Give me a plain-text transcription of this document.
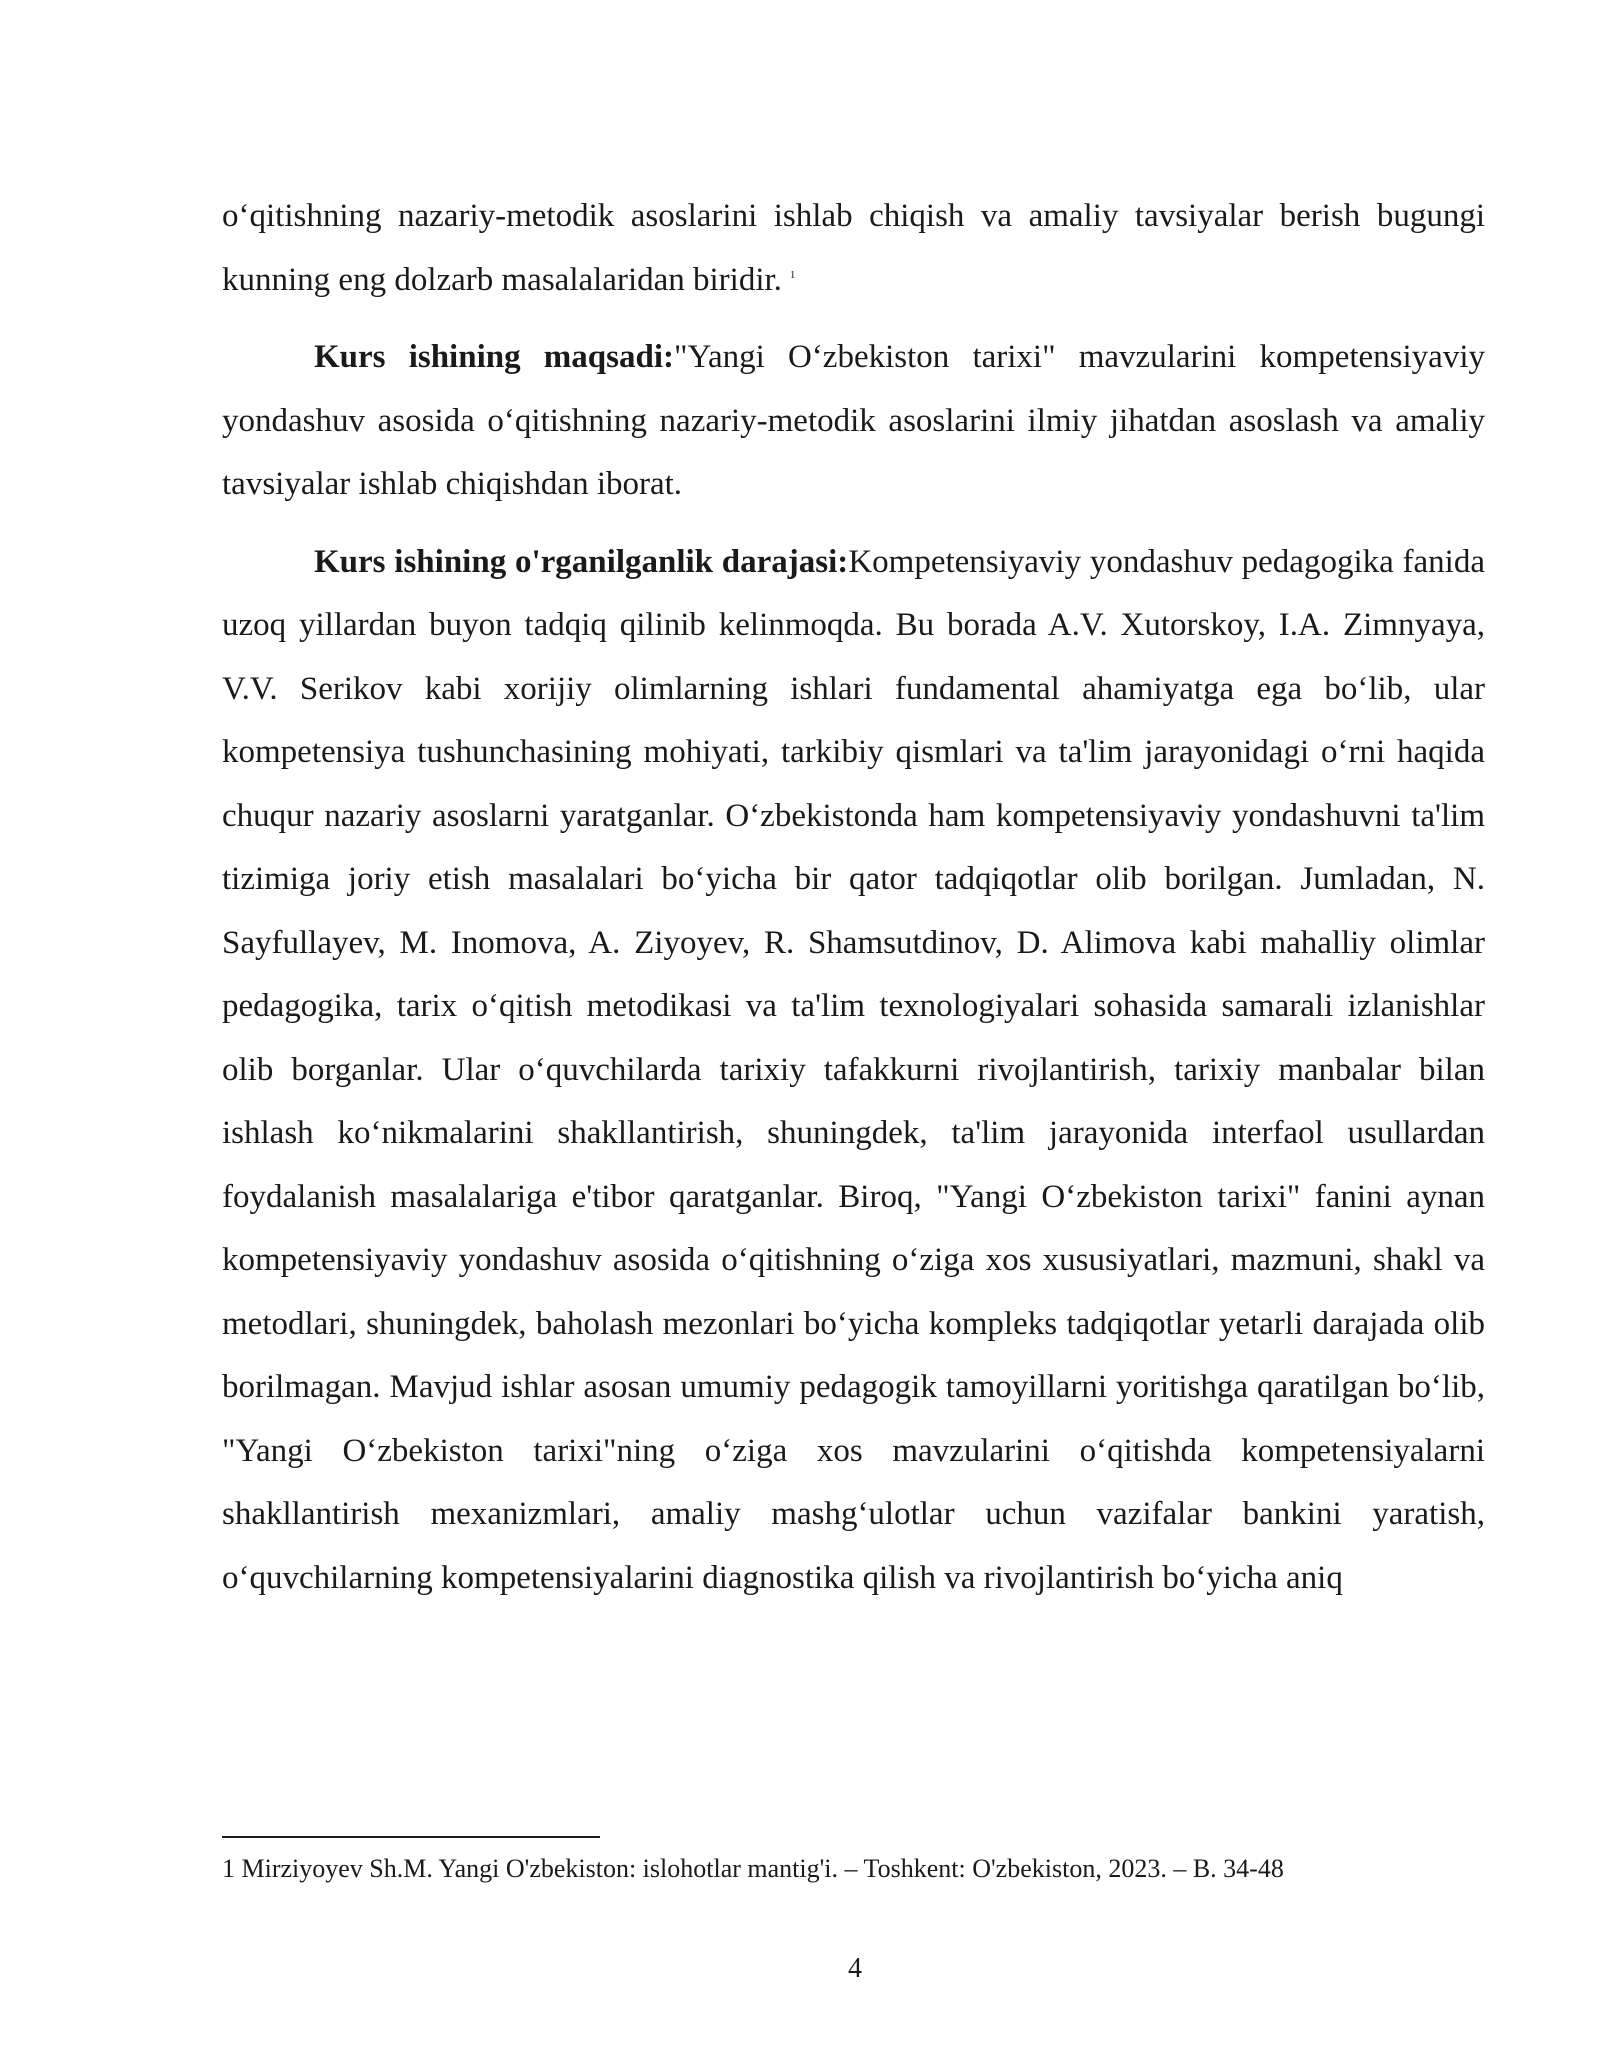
o‘qitishning nazariy-metodik asoslarini ishlab chiqish va amaliy tavsiyalar berish bugungi kunning eng dolzarb masalalaridan biridir. $^1$

Kurs ishining maqsadi:"Yangi O‘zbekiston tarixi" mavzularini kompetensiyaviy yondashuv asosida o‘qitishning nazariy-metodik asoslarini ilmiy jihatdan asoslash va amaliy tavsiyalar ishlab chiqishdan iborat.

Kurs ishining o'rganilganlik darajasi:Kompetensiyaviy yondashuv pedagogika fanida uzoq yillardan buyon tadqiq qilinib kelinmoqda. Bu borada A.V. Xutorskoy, I.A. Zimnyaya, V.V. Serikov kabi xorijiy olimlarning ishlari fundamental ahamiyatga ega bo‘lib, ular kompetensiya tushunchasining mohiyati, tarkibiy qismlari va ta'lim jarayonidagi o‘rni haqida chuqur nazariy asoslarni yaratganlar. O‘zbekistonda ham kompetensiyaviy yondashuvni ta'lim tizimiga joriy etish masalalari bo‘yicha bir qator tadqiqotlar olib borilgan. Jumladan, N. Sayfullayev, M. Inomova, A. Ziyoyev, R. Shamsutdinov, D. Alimova kabi mahalliy olimlar pedagogika, tarix o‘qitish metodikasi va ta'lim texnologiyalari sohasida samarali izlanishlar olib borganlar. Ular o‘quvchilarda tarixiy tafakkurni rivojlantirish, tarixiy manbalar bilan ishlash ko‘nikmalarini shakllantirish, shuningdek, ta'lim jarayonida interfaol usullardan foydalanish masalalariga e'tibor qaratganlar. Biroq, "Yangi O‘zbekiston tarixi" fanini aynan kompetensiyaviy yondashuv asosida o‘qitishning o‘ziga xos xususiyatlari, mazmuni, shakl va metodlari, shuningdek, baholash mezonlari bo‘yicha kompleks tadqiqotlar yetarli darajada olib borilmagan. Mavjud ishlar asosan umumiy pedagogik tamoyillarni yoritishga qaratilgan bo‘lib, "Yangi O‘zbekiston tarixi"ning o‘ziga xos mavzularini o‘qitishda kompetensiyalarni shakllantirish mexanizmlari, amaliy mashg‘ulotlar uchun vazifalar bankini yaratish, o‘quvchilarning kompetensiyalarini diagnostika qilish va rivojlantirish bo‘yicha aniq

1 Mirziyoyev Sh.M. Yangi O'zbekiston: islohotlar mantig'i. – Toshkent: O'zbekiston, 2023. – B. 34-48
4
